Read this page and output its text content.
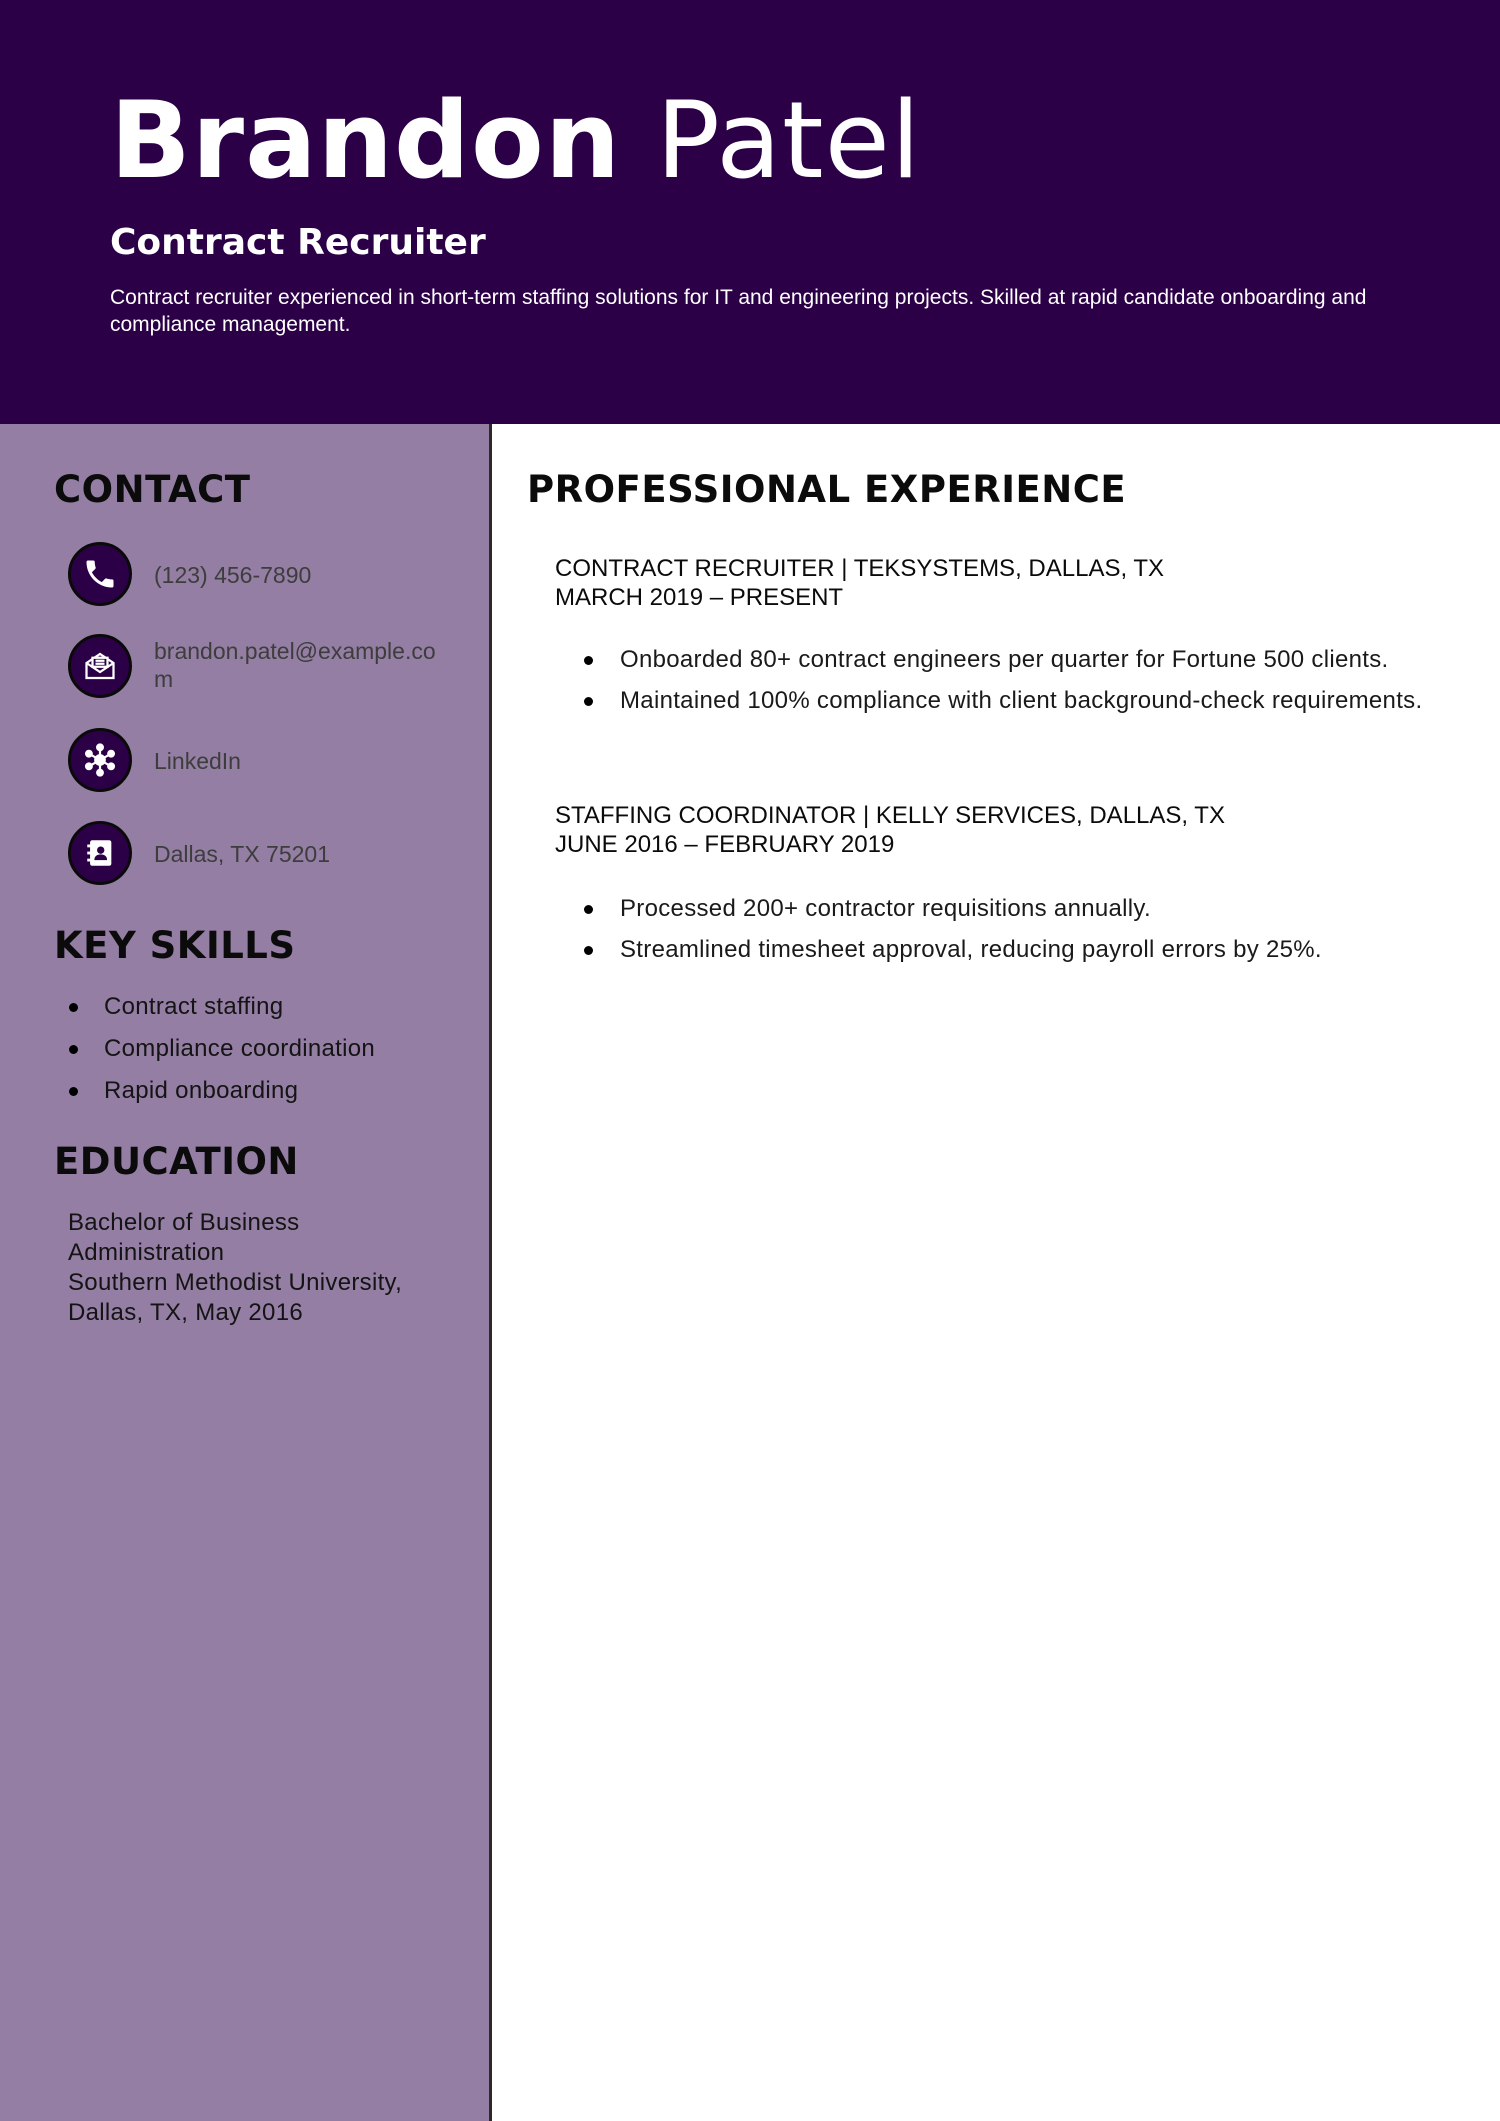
Brandon Patel
Contract Recruiter
Contract recruiter experienced in short-term staffing solutions for IT and engineering projects. Skilled at rapid candidate onboarding and compliance management.
CONTACT
(123) 456-7890
brandon.patel@example.com
LinkedIn
Dallas, TX 75201
KEY SKILLS
Contract staffing
Compliance coordination
Rapid onboarding
EDUCATION
Bachelor of Business Administration
Southern Methodist University, Dallas, TX, May 2016
PROFESSIONAL EXPERIENCE
CONTRACT RECRUITER | TEKSYSTEMS, DALLAS, TX
MARCH 2019 – PRESENT
Onboarded 80+ contract engineers per quarter for Fortune 500 clients.
Maintained 100% compliance with client background-check requirements.
STAFFING COORDINATOR | KELLY SERVICES, DALLAS, TX
JUNE 2016 – FEBRUARY 2019
Processed 200+ contractor requisitions annually.
Streamlined timesheet approval, reducing payroll errors by 25%.
